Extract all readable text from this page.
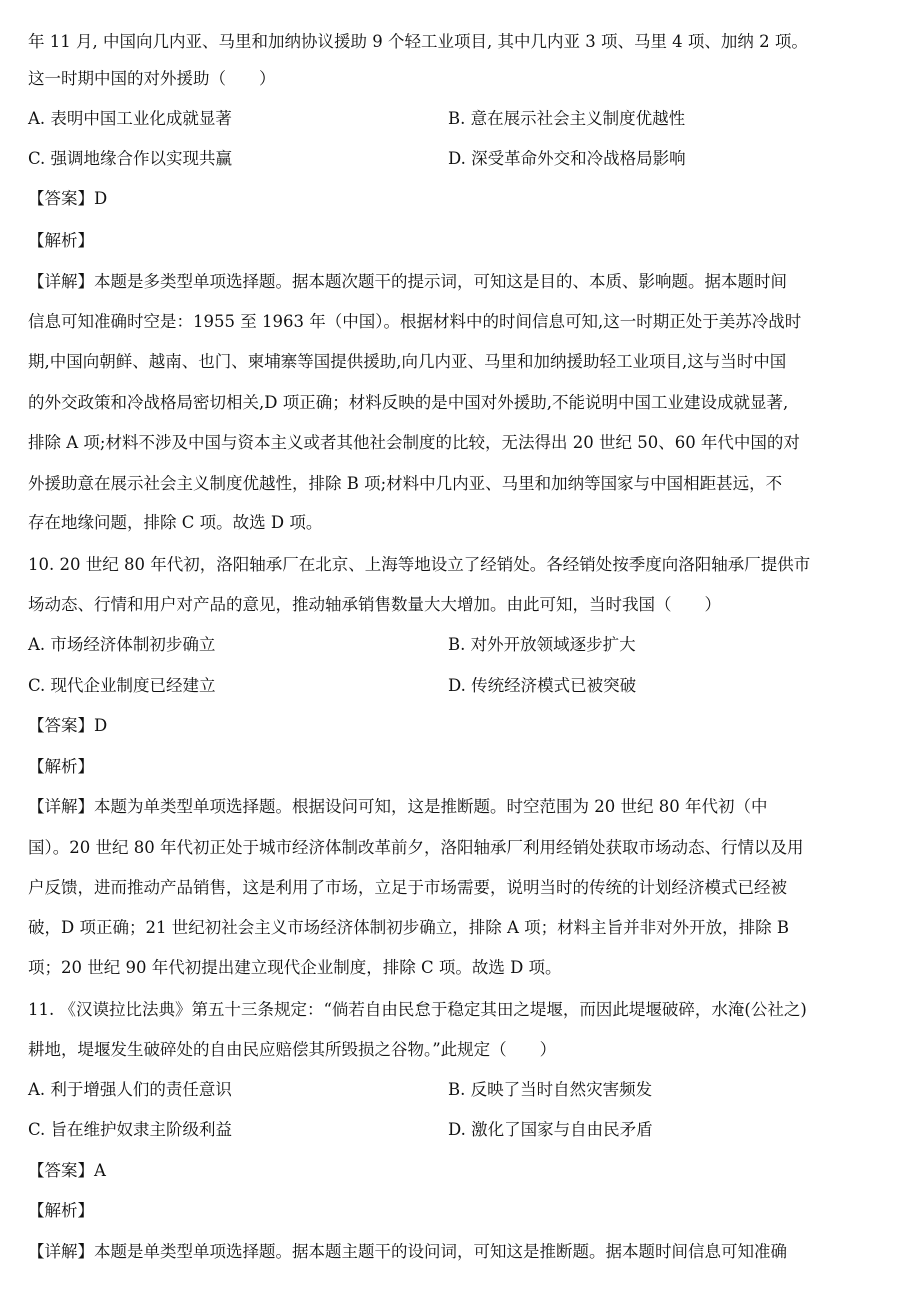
年 11 月, 中国向几内亚、马里和加纳协议援助 9 个轻工业项目, 其中几内亚 3 项、马里 4 项、加纳 2 项。
这一时期中国的对外援助（　　）
A. 表明中国工业化成就显著	B. 意在展示社会主义制度优越性
C. 强调地缘合作以实现共赢	D. 深受革命外交和冷战格局影响
【答案】D
【解析】
【详解】本题是多类型单项选择题。据本题次题干的提示词，可知这是目的、本质、影响题。据本题时间
信息可知准确时空是：1955 至 1963 年（中国）。根据材料中的时间信息可知,这一时期正处于美苏冷战时
期,中国向朝鲜、越南、也门、柬埔寨等国提供援助,向几内亚、马里和加纳援助轻工业项目,这与当时中国
的外交政策和冷战格局密切相关,D 项正确；材料反映的是中国对外援助,不能说明中国工业建设成就显著,
排除 A 项;材料不涉及中国与资本主义或者其他社会制度的比较，无法得出 20 世纪 50、60 年代中国的对
外援助意在展示社会主义制度优越性，排除 B 项;材料中几内亚、马里和加纳等国家与中国相距甚远，不
存在地缘问题，排除 C 项。故选 D 项。
10. 20 世纪 80 年代初，洛阳轴承厂在北京、上海等地设立了经销处。各经销处按季度向洛阳轴承厂提供市
场动态、行情和用户对产品的意见，推动轴承销售数量大大增加。由此可知，当时我国（　　）
A. 市场经济体制初步确立	B. 对外开放领域逐步扩大
C. 现代企业制度已经建立	D. 传统经济模式已被突破
【答案】D
【解析】
【详解】本题为单类型单项选择题。根据设问可知，这是推断题。时空范围为 20 世纪 80 年代初（中
国）。20 世纪 80 年代初正处于城市经济体制改革前夕，洛阳轴承厂利用经销处获取市场动态、行情以及用
户反馈，进而推动产品销售，这是利用了市场，立足于市场需要，说明当时的传统的计划经济模式已经被
破，D 项正确；21 世纪初社会主义市场经济体制初步确立，排除 A 项；材料主旨并非对外开放，排除 B
项；20 世纪 90 年代初提出建立现代企业制度，排除 C 项。故选 D 项。
11. 《汉谟拉比法典》第五十三条规定：“倘若自由民怠于稳定其田之堤堰，而因此堤堰破碎，水淹(公社之)
耕地，堤堰发生破碎处的自由民应赔偿其所毁损之谷物。”此规定（　　）
A. 利于增强人们的责任意识	B. 反映了当时自然灾害频发
C. 旨在维护奴隶主阶级利益	D. 激化了国家与自由民矛盾
【答案】A
【解析】
【详解】本题是单类型单项选择题。据本题主题干的设问词，可知这是推断题。据本题时间信息可知准确
